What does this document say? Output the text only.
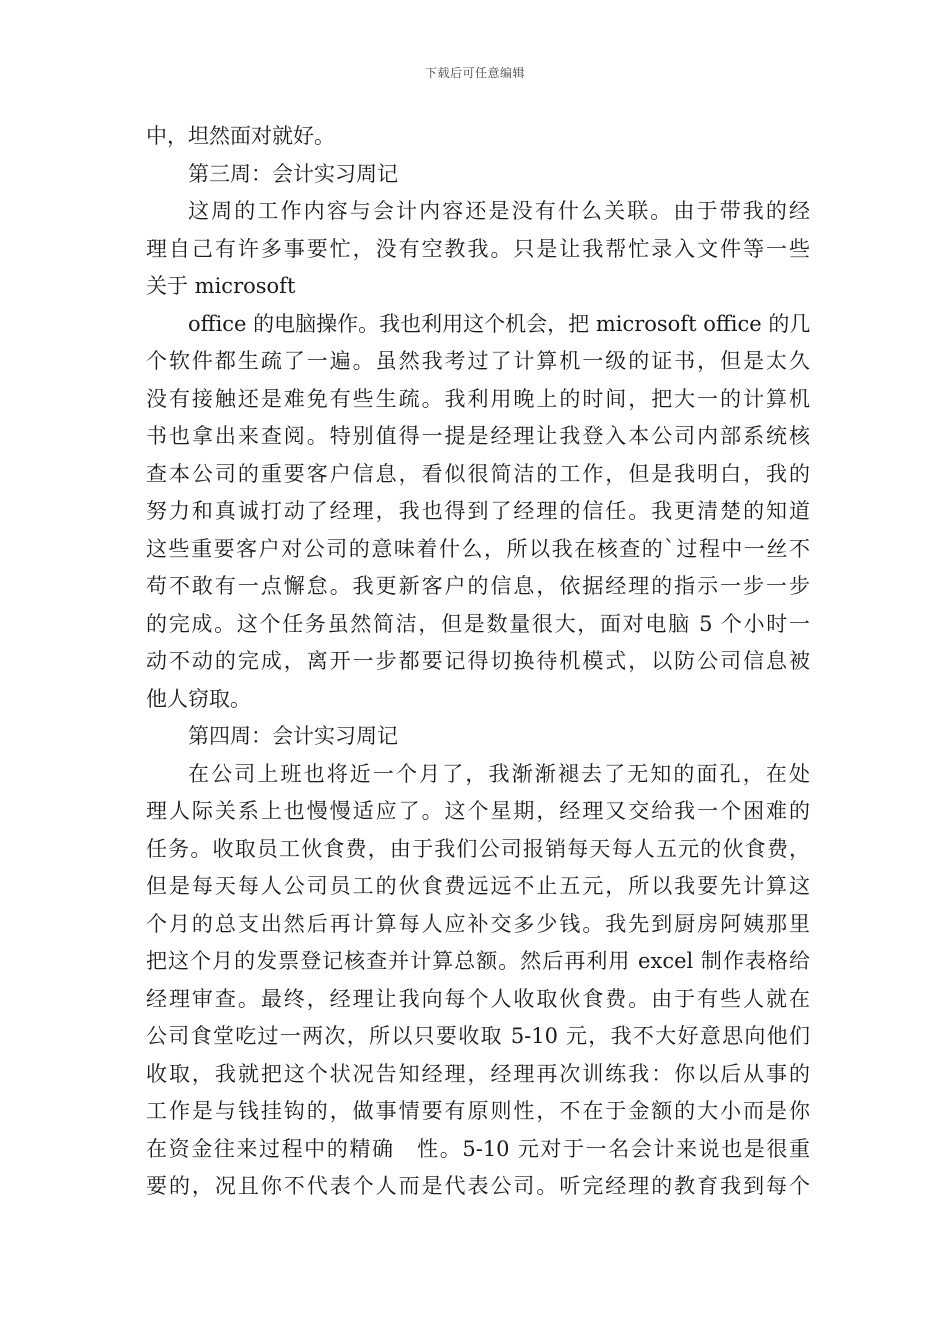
下载后可任意编辑
中，坦然面对就好。
第三周：会计实习周记
这周的工作内容与会计内容还是没有什么关联。由于带我的经
理自己有许多事要忙，没有空教我。只是让我帮忙录入文件等一些
关于 microsoft
office 的电脑操作。我也利用这个机会，把 microsoft office 的几
个软件都生疏了一遍。虽然我考过了计算机一级的证书，但是太久
没有接触还是难免有些生疏。我利用晚上的时间，把大一的计算机
书也拿出来查阅。特别值得一提是经理让我登入本公司内部系统核
查本公司的重要客户信息，看似很简洁的工作，但是我明白，我的
努力和真诚打动了经理，我也得到了经理的信任。我更清楚的知道
这些重要客户对公司的意味着什么，所以我在核查的`过程中一丝不
苟不敢有一点懈怠。我更新客户的信息，依据经理的指示一步一步
的完成。这个任务虽然简洁，但是数量很大，面对电脑 5 个小时一
动不动的完成，离开一步都要记得切换待机模式，以防公司信息被
他人窃取。
第四周：会计实习周记
在公司上班也将近一个月了，我渐渐褪去了无知的面孔，在处
理人际关系上也慢慢适应了。这个星期，经理又交给我一个困难的
任务。收取员工伙食费，由于我们公司报销每天每人五元的伙食费，
但是每天每人公司员工的伙食费远远不止五元，所以我要先计算这
个月的总支出然后再计算每人应补交多少钱。我先到厨房阿姨那里
把这个月的发票登记核查并计算总额。然后再利用 excel 制作表格给
经理审查。最终，经理让我向每个人收取伙食费。由于有些人就在
公司食堂吃过一两次，所以只要收取 5-10 元，我不大好意思向他们
收取，我就把这个状况告知经理，经理再次训练我：你以后从事的
工作是与钱挂钩的，做事情要有原则性，不在于金额的大小而是你
在资金往来过程中的精确　性。5-10 元对于一名会计来说也是很重
要的，况且你不代表个人而是代表公司。听完经理的教育我到每个
